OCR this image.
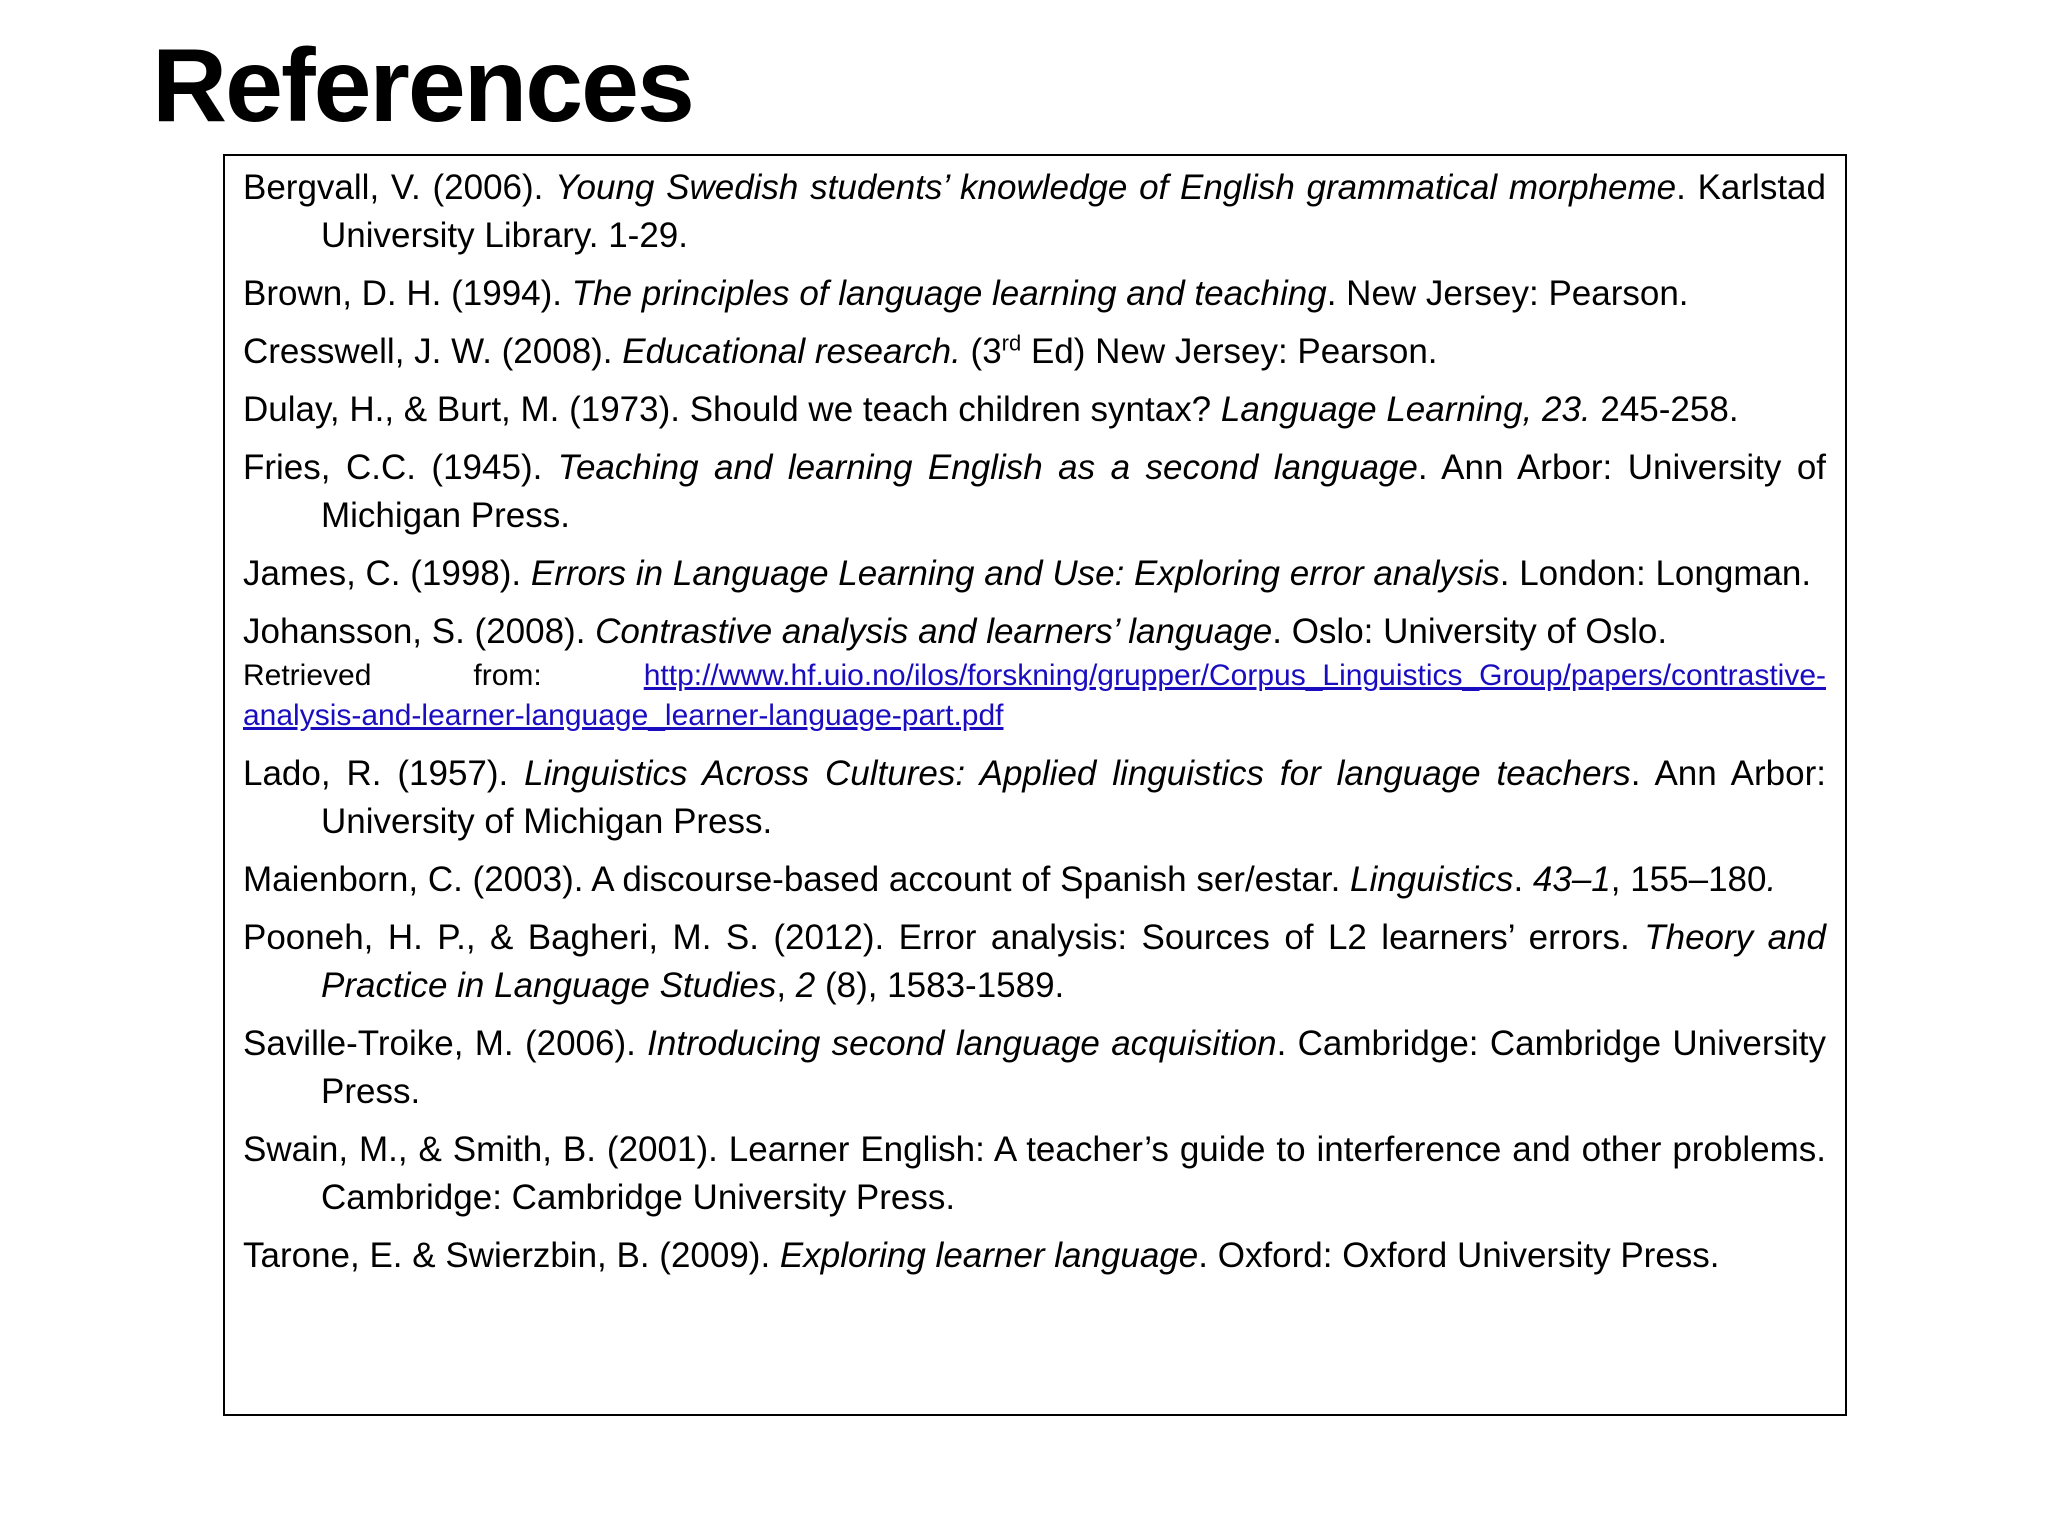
References
Bergvall, V. (2006). Young Swedish students’ knowledge of English grammatical morpheme. Karlstad University Library. 1-29.
Brown, D. H. (1994). The principles of language learning and teaching. New Jersey: Pearson.
Cresswell, J. W. (2008). Educational research. (3rd Ed) New Jersey: Pearson.
Dulay, H., & Burt, M. (1973). Should we teach children syntax? Language Learning, 23. 245-258.
Fries, C.C. (1945). Teaching and learning English as a second language. Ann Arbor: University of Michigan Press.
James, C. (1998). Errors in Language Learning and Use: Exploring error analysis. London: Longman.
Johansson, S. (2008). Contrastive analysis and learners’ language. Oslo: University of Oslo.
Retrieved from: http://www.hf.uio.no/ilos/forskning/grupper/Corpus_Linguistics_Group/papers/contrastive-
analysis-and-learner-language_learner-language-part.pdf
Lado, R. (1957). Linguistics Across Cultures: Applied linguistics for language teachers. Ann Arbor: University of Michigan Press.
Maienborn, C. (2003). A discourse-based account of Spanish ser/estar. Linguistics. 43–1, 155–180.
Pooneh, H. P., & Bagheri, M. S. (2012). Error analysis: Sources of L2 learners’ errors. Theory and Practice in Language Studies, 2 (8), 1583-1589.
Saville-Troike, M. (2006). Introducing second language acquisition. Cambridge: Cambridge University Press.
Swain, M., & Smith, B. (2001). Learner English: A teacher’s guide to interference and other problems. Cambridge: Cambridge University Press.
Tarone, E. & Swierzbin, B. (2009). Exploring learner language. Oxford: Oxford University Press.
